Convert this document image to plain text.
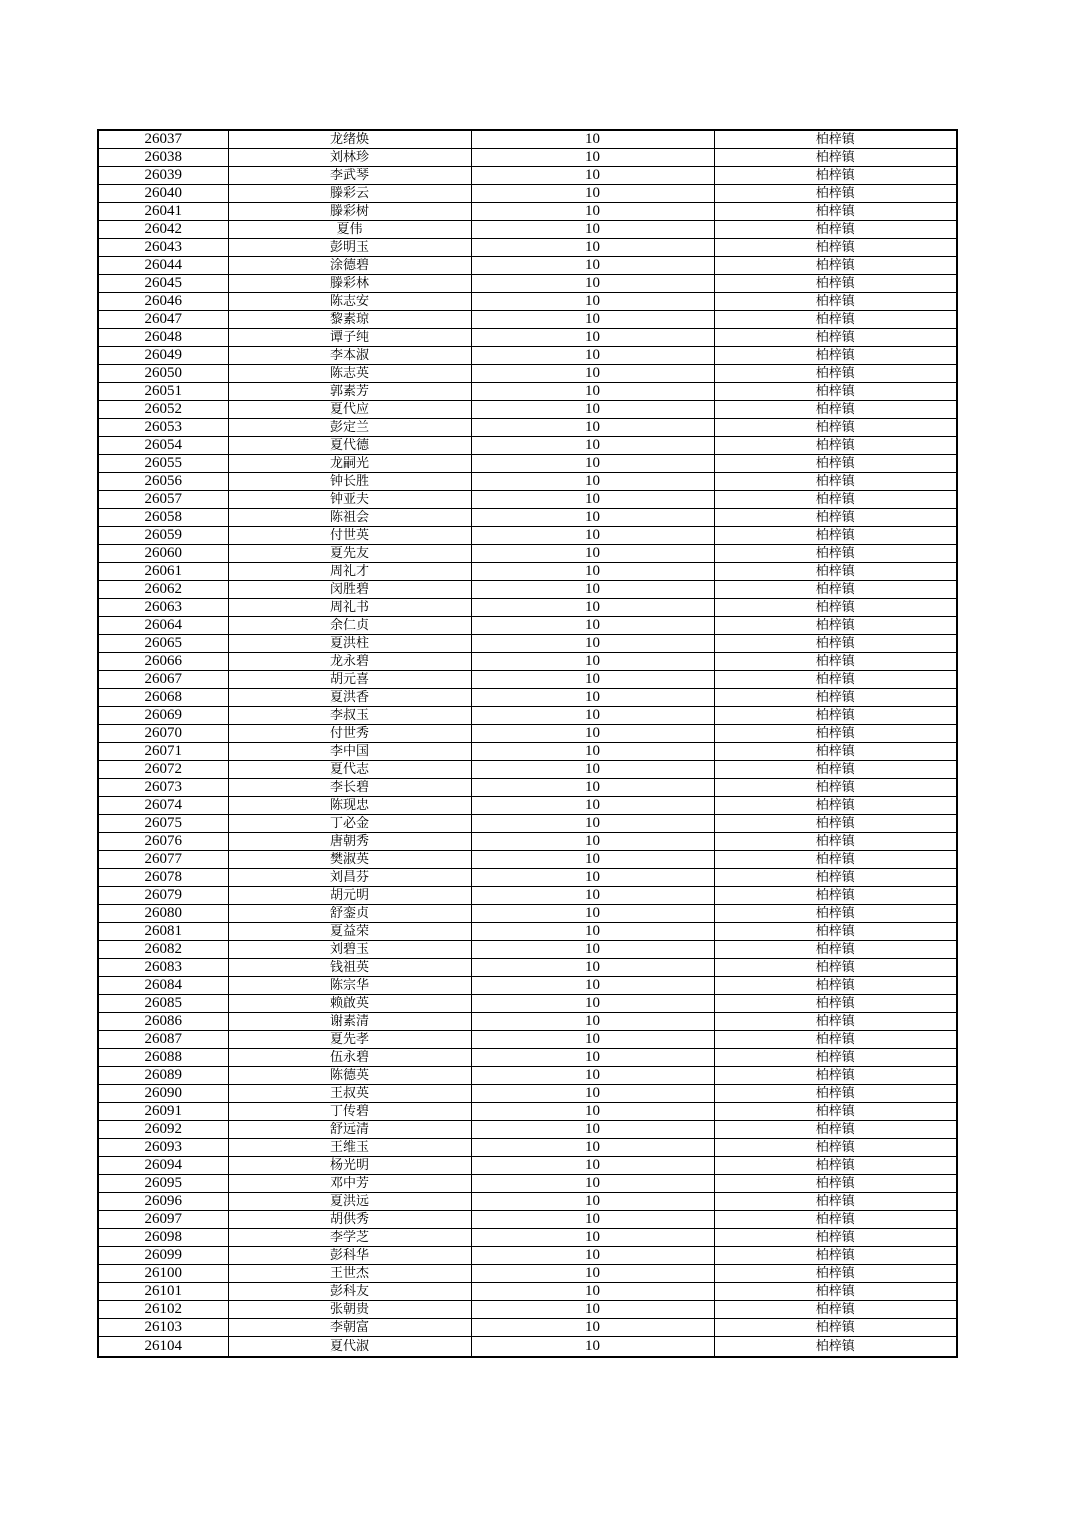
26037	龙绪焕	10	柏梓镇
26038	刘林珍	10	柏梓镇
26039	李武琴	10	柏梓镇
26040	滕彩云	10	柏梓镇
26041	滕彩树	10	柏梓镇
26042	夏伟	10	柏梓镇
26043	彭明玉	10	柏梓镇
26044	涂德碧	10	柏梓镇
26045	滕彩林	10	柏梓镇
26046	陈志安	10	柏梓镇
26047	黎素琼	10	柏梓镇
26048	谭子纯	10	柏梓镇
26049	李本淑	10	柏梓镇
26050	陈志英	10	柏梓镇
26051	郭素芳	10	柏梓镇
26052	夏代应	10	柏梓镇
26053	彭定兰	10	柏梓镇
26054	夏代德	10	柏梓镇
26055	龙嗣光	10	柏梓镇
26056	钟长胜	10	柏梓镇
26057	钟亚夫	10	柏梓镇
26058	陈祖会	10	柏梓镇
26059	付世英	10	柏梓镇
26060	夏先友	10	柏梓镇
26061	周礼才	10	柏梓镇
26062	闵胜碧	10	柏梓镇
26063	周礼书	10	柏梓镇
26064	余仁贞	10	柏梓镇
26065	夏洪柱	10	柏梓镇
26066	龙永碧	10	柏梓镇
26067	胡元喜	10	柏梓镇
26068	夏洪香	10	柏梓镇
26069	李叔玉	10	柏梓镇
26070	付世秀	10	柏梓镇
26071	李中国	10	柏梓镇
26072	夏代志	10	柏梓镇
26073	李长碧	10	柏梓镇
26074	陈现忠	10	柏梓镇
26075	丁必金	10	柏梓镇
26076	唐朝秀	10	柏梓镇
26077	樊淑英	10	柏梓镇
26078	刘昌芬	10	柏梓镇
26079	胡元明	10	柏梓镇
26080	舒銮贞	10	柏梓镇
26081	夏益荣	10	柏梓镇
26082	刘碧玉	10	柏梓镇
26083	钱祖英	10	柏梓镇
26084	陈宗华	10	柏梓镇
26085	赖啟英	10	柏梓镇
26086	谢素清	10	柏梓镇
26087	夏先孝	10	柏梓镇
26088	伍永碧	10	柏梓镇
26089	陈德英	10	柏梓镇
26090	王叔英	10	柏梓镇
26091	丁传碧	10	柏梓镇
26092	舒远清	10	柏梓镇
26093	王维玉	10	柏梓镇
26094	杨光明	10	柏梓镇
26095	邓中芳	10	柏梓镇
26096	夏洪远	10	柏梓镇
26097	胡供秀	10	柏梓镇
26098	李学芝	10	柏梓镇
26099	彭科华	10	柏梓镇
26100	王世杰	10	柏梓镇
26101	彭科友	10	柏梓镇
26102	张朝贵	10	柏梓镇
26103	李朝富	10	柏梓镇
26104	夏代淑	10	柏梓镇
